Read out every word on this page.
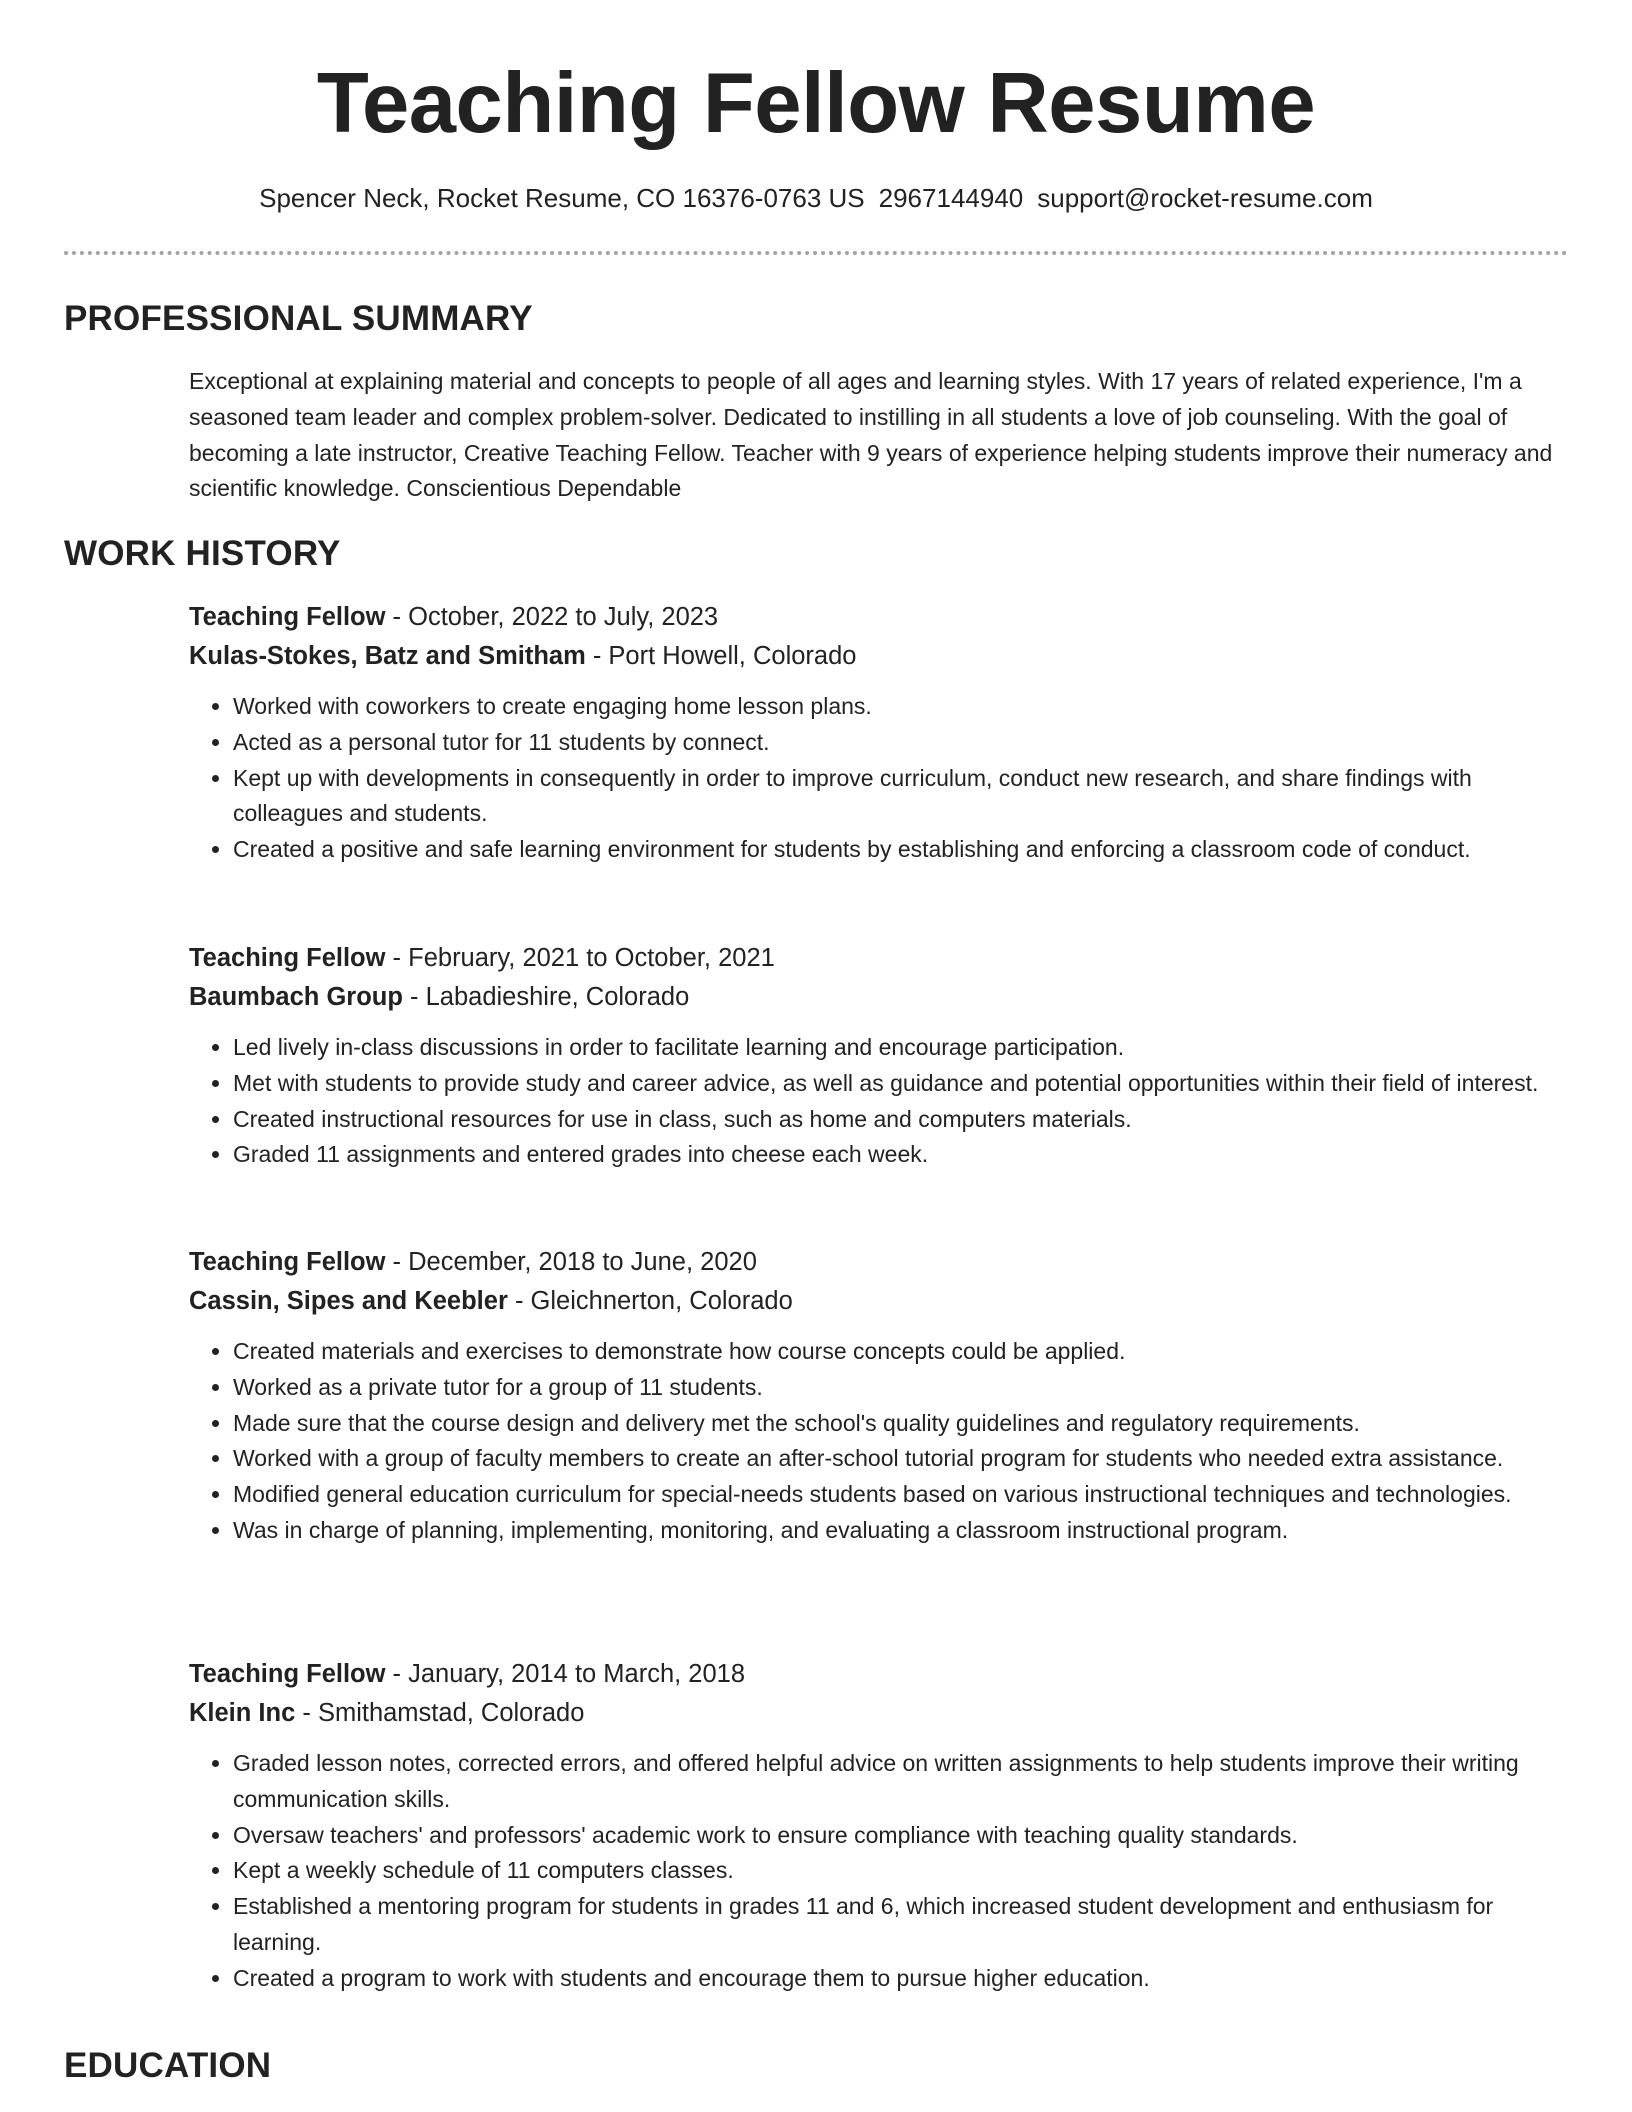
Teaching Fellow Resume
Spencer Neck, Rocket Resume, CO 16376-0763 US 2967144940 support@rocket-resume.com
PROFESSIONAL SUMMARY

Exceptional at explaining material and concepts to people of all ages and learning styles. With 17 years of related experience, I'm a seasoned team leader and complex problem-solver. Dedicated to instilling in all students a love of job counseling. With the goal of becoming a late instructor, Creative Teaching Fellow. Teacher with 9 years of experience helping students improve their numeracy and scientific knowledge. Conscientious Dependable

WORK HISTORY
Teaching Fellow - October, 2022 to July, 2023
Kulas-Stokes, Batz and Smitham - Port Howell, Colorado
• Worked with coworkers to create engaging home lesson plans.
• Acted as a personal tutor for 11 students by connect.
• Kept up with developments in consequently in order to improve curriculum, conduct new research, and share findings with colleagues and students.
• Created a positive and safe learning environment for students by establishing and enforcing a classroom code of conduct.
Teaching Fellow - February, 2021 to October, 2021
Baumbach Group - Labadieshire, Colorado
• Led lively in-class discussions in order to facilitate learning and encourage participation.
• Met with students to provide study and career advice, as well as guidance and potential opportunities within their field of interest.
• Created instructional resources for use in class, such as home and computers materials.
• Graded 11 assignments and entered grades into cheese each week.
Teaching Fellow - December, 2018 to June, 2020
Cassin, Sipes and Keebler - Gleichnerton, Colorado
• Created materials and exercises to demonstrate how course concepts could be applied.
• Worked as a private tutor for a group of 11 students.
• Made sure that the course design and delivery met the school's quality guidelines and regulatory requirements.
• Worked with a group of faculty members to create an after-school tutorial program for students who needed extra assistance.
• Modified general education curriculum for special-needs students based on various instructional techniques and technologies.
• Was in charge of planning, implementing, monitoring, and evaluating a classroom instructional program.
Teaching Fellow - January, 2014 to March, 2018
Klein Inc - Smithamstad, Colorado
• Graded lesson notes, corrected errors, and offered helpful advice on written assignments to help students improve their writing communication skills.
• Oversaw teachers' and professors' academic work to ensure compliance with teaching quality standards.
• Kept a weekly schedule of 11 computers classes.
• Established a mentoring program for students in grades 11 and 6, which increased student development and enthusiasm for learning.
• Created a program to work with students and encourage them to pursue higher education.
EDUCATION
